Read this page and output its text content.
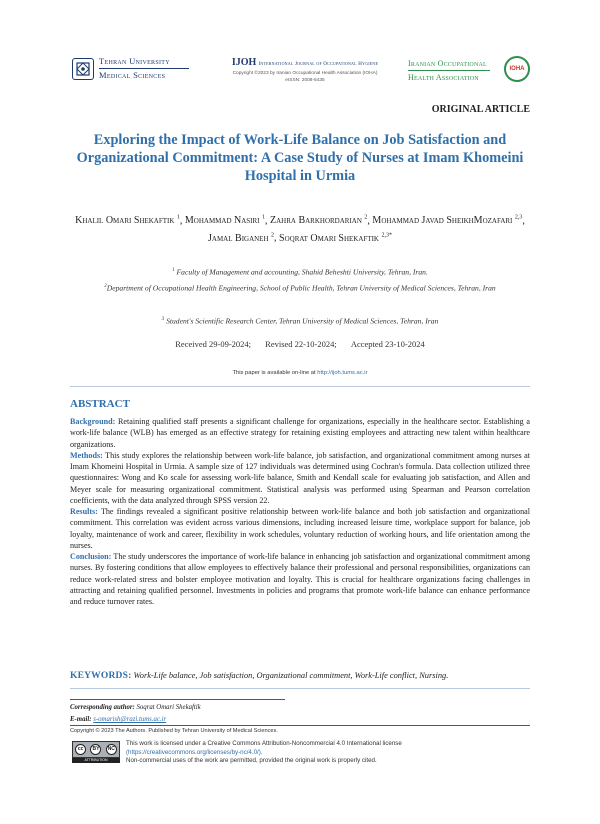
Tehran University
Medical Sciences
IJOH International Journal of Occupational Hygiene
Copyright ©2023 by Iranian Occupational Health Association (IOHA)
eISSN: 2008-5435
Iranian Occupational
Health Association
IOHA
ORIGINAL ARTICLE
Exploring the Impact of Work-Life Balance on Job Satisfaction and Organizational Commitment: A Case Study of Nurses at Imam Khomeini Hospital in Urmia
Khalil Omari Shekaftik $^1$, Mohammad Nasiri $^1$, Zahra Barkhordarian $^2$, Mohammad Javad SheikhMozafari $^{2,3}$, Jamal Biganeh $^2$, Soqrat Omari Shekaftik $^{2,3*}$
$^1$ Faculty of Management and accounting, Shahid Beheshti University, Tehran, Iran.
$^2$Department of Occupational Health Engineering, School of Public Health, Tehran University of Medical Sciences, Tehran, Iran
$^3$ Student's Scientific Research Center, Tehran University of Medical Sciences, Tehran, Iran
Received 29-09-2024; Revised 22-10-2024; Accepted 23-10-2024
This paper is available on-line at http://ijoh.tums.ac.ir
ABSTRACT

Background: Retaining qualified staff presents a significant challenge for organizations, especially in the healthcare sector. Establishing a work-life balance (WLB) has emerged as an effective strategy for retaining existing employees and attracting new talent within healthcare organizations.

Methods: This study explores the relationship between work-life balance, job satisfaction, and organizational commitment among nurses at Imam Khomeini Hospital in Urmia. A sample size of 127 individuals was determined using Cochran's formula. Data collection utilized three questionnaires: Wong and Ko scale for assessing work-life balance, Smith and Kendall scale for evaluating job satisfaction, and Allen and Meyer scale for measuring organizational commitment. Statistical analysis was performed using Spearman and Pearson correlation coefficients, with the data analyzed through SPSS version 22.

Results: The findings revealed a significant positive relationship between work-life balance and both job satisfaction and organizational commitment. This correlation was evident across various dimensions, including increased leisure time, workplace support for balance, job loyalty, maintenance of work and career, flexibility in work schedules, voluntary reduction of working hours, and life orientation among the nurses.

Conclusion: The study underscores the importance of work-life balance in enhancing job satisfaction and organizational commitment among nurses. By fostering conditions that allow employees to effectively balance their professional and personal responsibilities, organizations can reduce work-related stress and bolster employee motivation and loyalty. This is crucial for healthcare organizations facing challenges in attracting and retaining qualified personnel. Investments in policies and programs that promote work-life balance can enhance performance and reduce turnover rates.

KEYWORDS: Work-Life balance, Job satisfaction, Organizational commitment, Work-Life conflict, Nursing.
Corresponding author: Soqrat Omari Shekaftik
E-mail: s-omarish@razi.tums.ac.ir
Copyright © 2023 The Authors. Published by Tehran University of Medical Sciences.
cc	BY	NC
ATTRIBUTION
This work is licensed under a Creative Commons Attribution-Noncommercial 4.0 International license
(https://creativecommons.org/licenses/by-nc/4.0/).
Non-commercial uses of the work are permitted, provided the original work is properly cited.
